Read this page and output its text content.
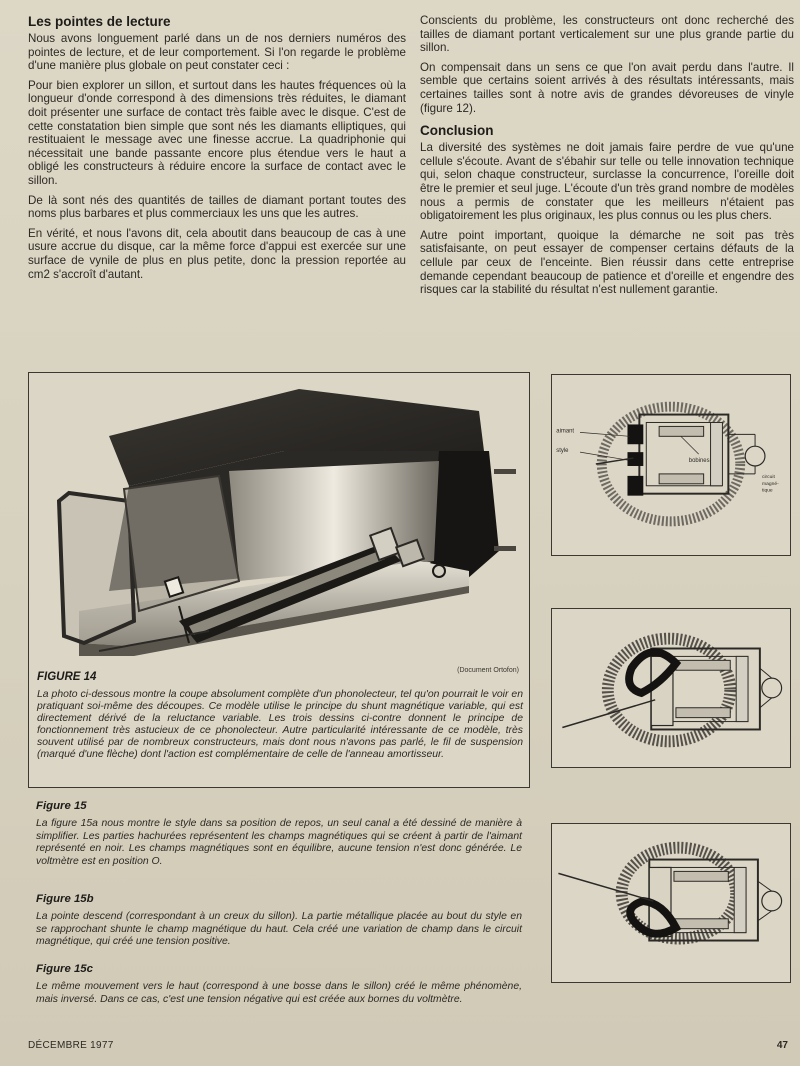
Les pointes de lecture

Nous avons longuement parlé dans un de nos derniers numéros des pointes de lecture, et de leur comportement. Si l'on regarde le problème d'une manière plus globale on peut constater ceci :

Pour bien explorer un sillon, et surtout dans les hautes fréquences où la longueur d'onde correspond à des dimensions très réduites, le diamant doit présenter une surface de contact très faible avec le disque. C'est de cette constatation bien simple que sont nés les diamants elliptiques, qui restituaient le message avec une finesse accrue. La quadriphonie qui nécessitait une bande passante encore plus étendue vers le haut a obligé les constructeurs à réduire encore la surface de contact avec le sillon.

De là sont nés des quantités de tailles de diamant portant toutes des noms plus barbares et plus commerciaux les uns que les autres.

En vérité, et nous l'avons dit, cela aboutit dans beaucoup de cas à une usure accrue du disque, car la même force d'appui est exercée sur une surface de vynile de plus en plus petite, donc la pression reportée au cm2 s'accroît d'autant.

Conscients du problème, les constructeurs ont donc recherché des tailles de diamant portant verticalement sur une plus grande partie du sillon.

On compensait dans un sens ce que l'on avait perdu dans l'autre. Il semble que certains soient arrivés à des résultats intéressants, mais certaines tailles sont à notre avis de grandes dévoreuses de vinyle (figure 12).

Conclusion

La diversité des systèmes ne doit jamais faire perdre de vue qu'une cellule s'écoute. Avant de s'ébahir sur telle ou telle innovation technique qui, selon chaque constructeur, surclasse la concurrence, l'oreille doit être le premier et seul juge. L'écoute d'un très grand nombre de modèles nous a permis de constater que les meilleurs n'étaient pas obligatoirement les plus originaux, les plus connus ou les plus chers.

Autre point important, quoique la démarche ne soit pas très satisfaisante, on peut essayer de compenser certains défauts de la cellule par ceux de l'enceinte. Bien réussir dans cette entreprise demande cependant beaucoup de patience et d'oreille et engendre des risques car la stabilité du résultat n'est nullement garantie.

(Document Ortofon)
FIGURE 14

La photo ci-dessous montre la coupe absolument complète d'un phonolecteur, tel qu'on pourrait le voir en pratiquant soi-même des découpes. Ce modèle utilise le principe du shunt magnétique variable, qui est directement dérivé de la reluctance variable. Les trois dessins ci-contre donnent le principe de fonctionnement très astucieux de ce phonolecteur. Autre particularité intéressante de ce modèle, très souvent utilisé par de nombreux constructeurs, mais dont nous n'avons pas parlé, le fil de suspension (marqué d'une flèche) dont l'action est complémentaire de celle de l'anneau amortisseur.

aimant
style
bobines
circuit
magné-
tique

Figure 15

La figure 15a nous montre le style dans sa position de repos, un seul canal a été dessiné de manière à simplifier. Les parties hachurées représentent les champs magnétiques qui se créent à partir de l'aimant représenté en noir. Les champs magnétiques sont en équilibre, aucune tension n'est donc générée. Le voltmètre est en position O.

Figure 15b

La pointe descend (correspondant à un creux du sillon). La partie métallique placée au bout du style en se rapprochant shunte le champ magnétique du haut. Cela créé une variation de champ dans le circuit magnétique, qui créé une tension positive.

Figure 15c

Le même mouvement vers le haut (correspond à une bosse dans le sillon) créé le même phénomène, mais inversé. Dans ce cas, c'est une tension négative qui est créée aux bornes du voltmètre.

DÉCEMBRE 1977	47
